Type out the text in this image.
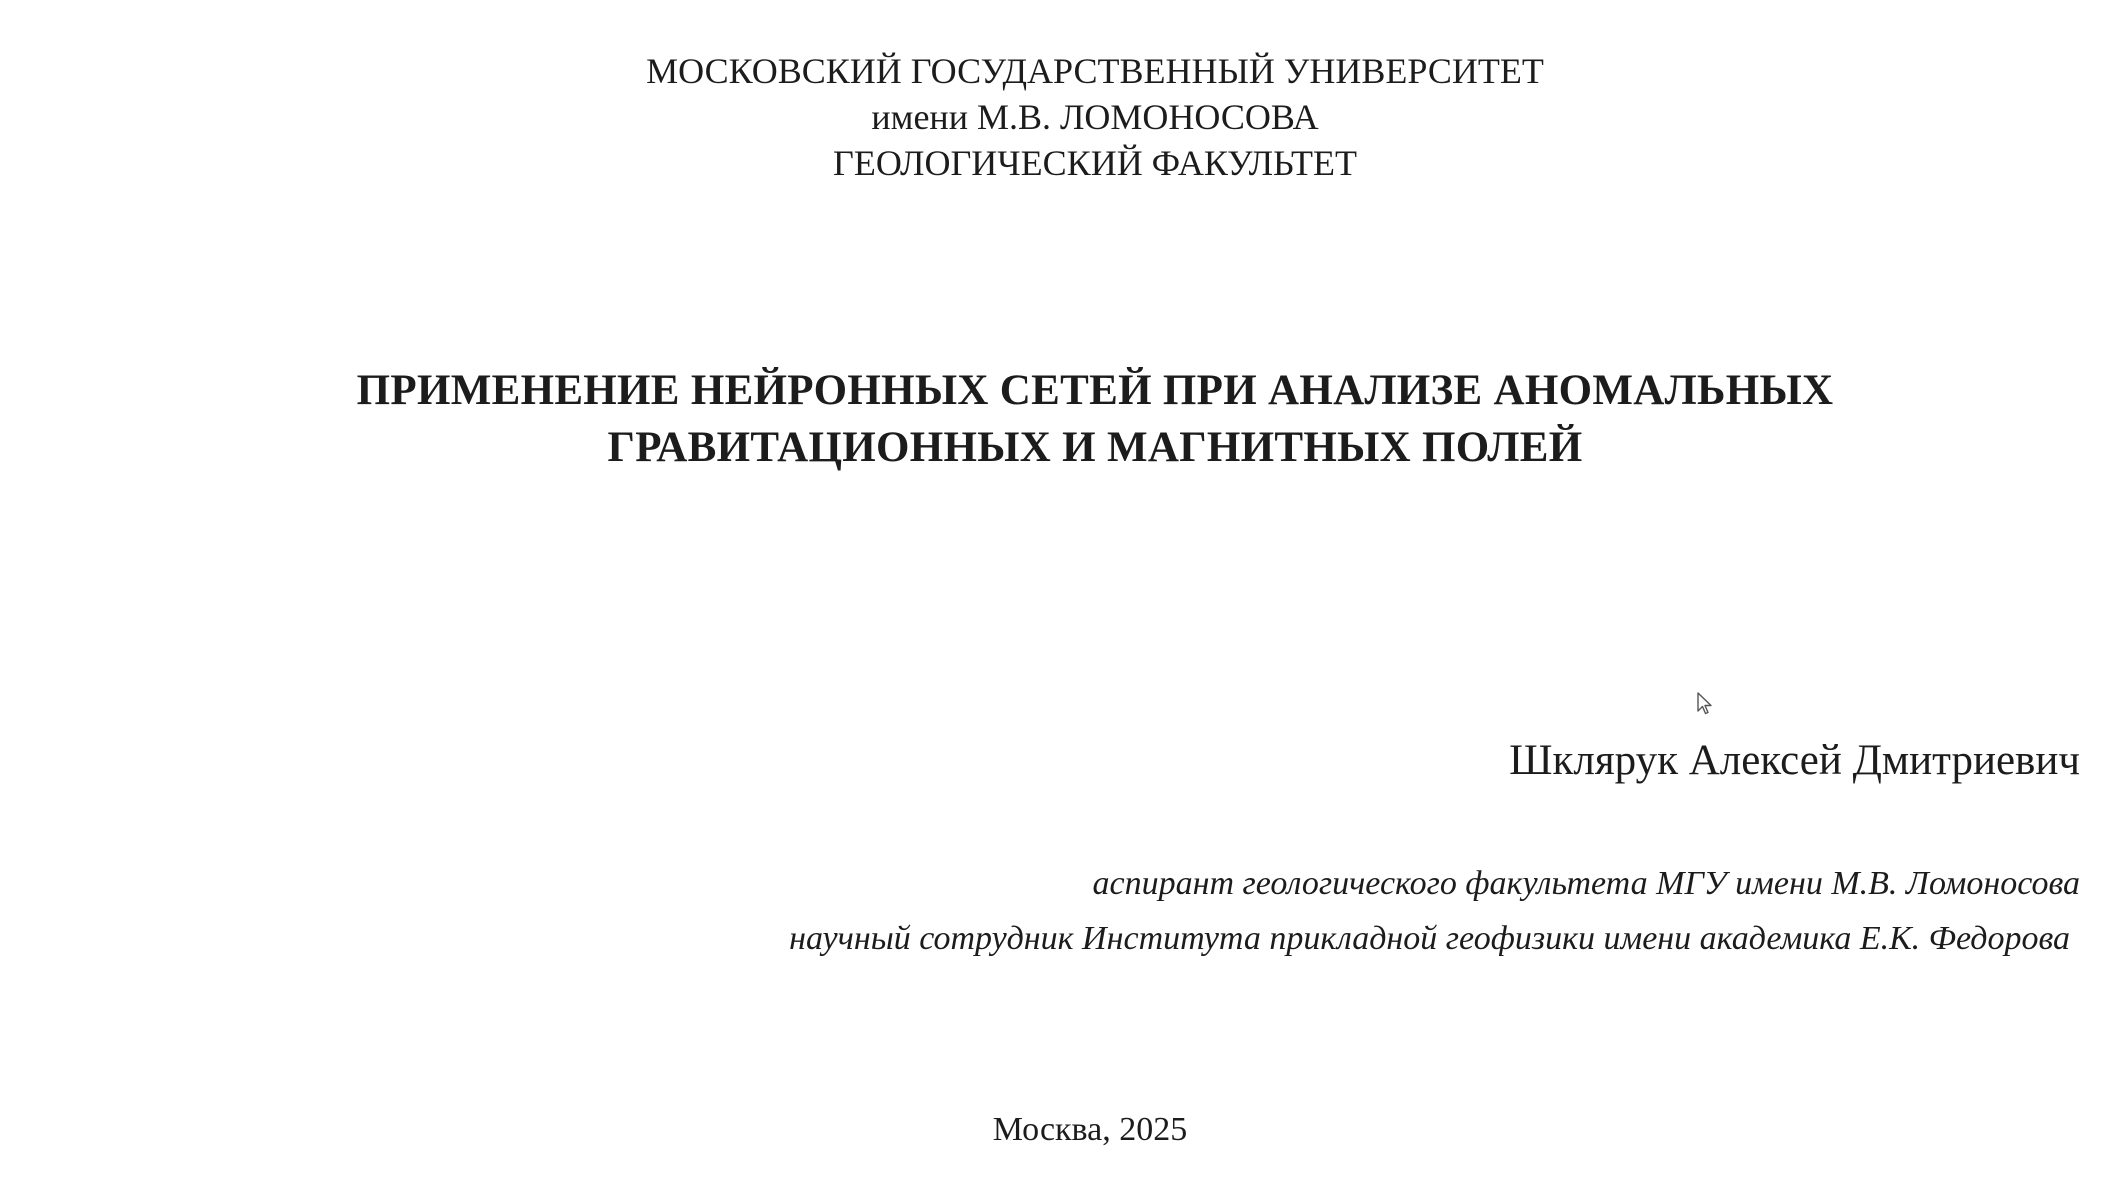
МОСКОВСКИЙ ГОСУДАРСТВЕННЫЙ УНИВЕРСИТЕТ
имени М.В. ЛОМОНОСОВА
ГЕОЛОГИЧЕСКИЙ ФАКУЛЬТЕТ
ПРИМЕНЕНИЕ НЕЙРОННЫХ СЕТЕЙ ПРИ АНАЛИЗЕ АНОМАЛЬНЫХ
ГРАВИТАЦИОННЫХ И МАГНИТНЫХ ПОЛЕЙ
Шклярук Алексей Дмитриевич
аспирант геологического факультета МГУ имени М.В. Ломоносова
научный сотрудник Института прикладной геофизики имени академика Е.К. Федорова
Москва, 2025
